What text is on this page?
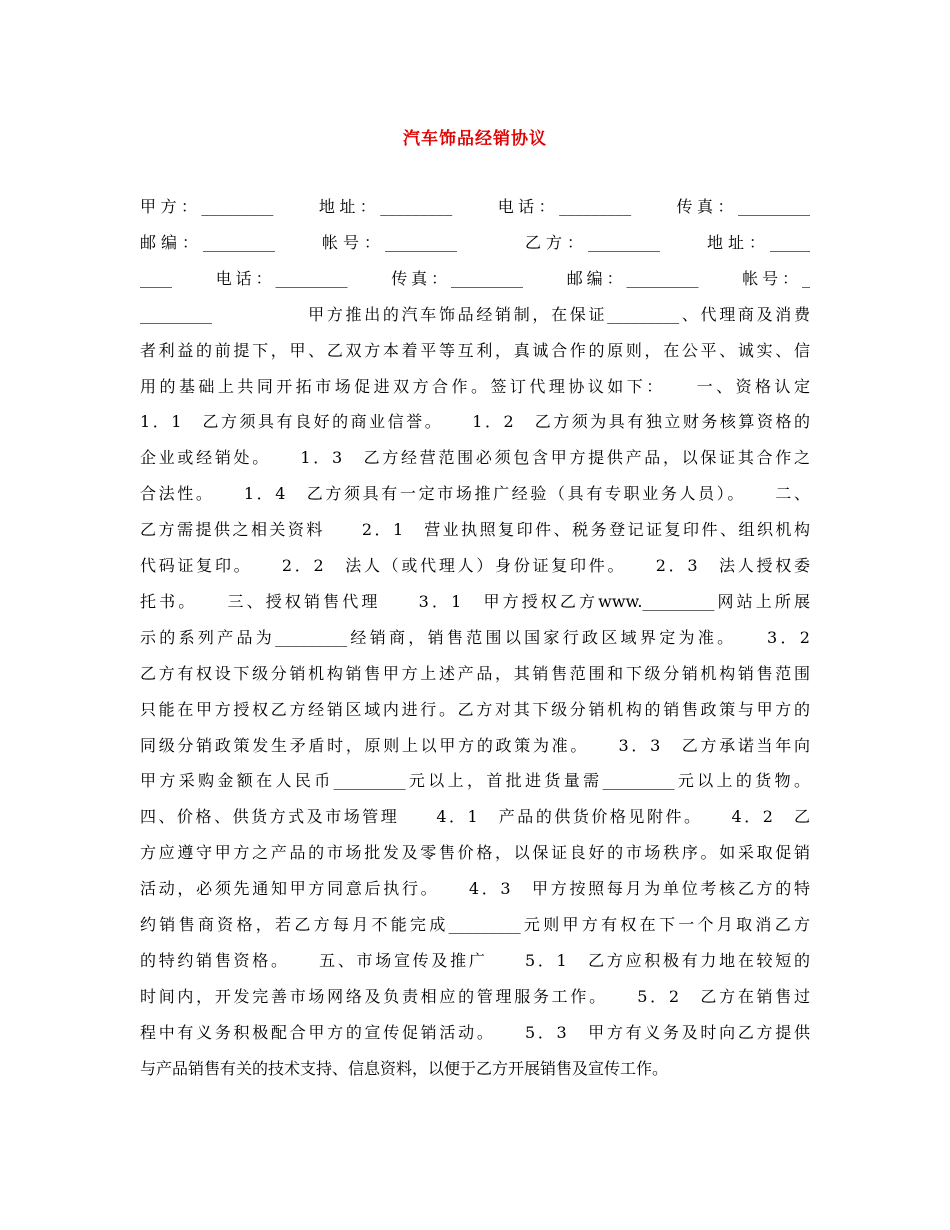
汽车饰品经销协议
甲方：_________　　地址：_________　　电话：_________　　传真：_________
邮编：_________　　帐号：_________　　　乙方：_________　　地址：_____
____　　电话：_________　　传真：_________　　邮编：_________　　帐号：_
_________　　　　　甲方推出的汽车饰品经销制，在保证_________、代理商及消费
者利益的前提下，甲、乙双方本着平等互利，真诚合作的原则，在公平、诚实、信
用的基础上共同开拓市场促进双方合作。签订代理协议如下：　　一、资格认定
1．1　乙方须具有良好的商业信誉。　　1．2　乙方须为具有独立财务核算资格的
企业或经销处。　　1．3　乙方经营范围必须包含甲方提供产品，以保证其合作之
合法性。　　1．4　乙方须具有一定市场推广经验（具有专职业务人员）。　　二、
乙方需提供之相关资料　　2．1　营业执照复印件、税务登记证复印件、组织机构
代码证复印。　　2．2　法人（或代理人）身份证复印件。　　2．3　法人授权委
托书。　　三、授权销售代理　　3．1　甲方授权乙方www._________网站上所展
示的系列产品为_________经销商，销售范围以国家行政区域界定为准。　　3．2
乙方有权设下级分销机构销售甲方上述产品，其销售范围和下级分销机构销售范围
只能在甲方授权乙方经销区域内进行。乙方对其下级分销机构的销售政策与甲方的
同级分销政策发生矛盾时，原则上以甲方的政策为准。　　3．3　乙方承诺当年向
甲方采购金额在人民币_________元以上，首批进货量需_________元以上的货物。
四、价格、供货方式及市场管理　　4．1　产品的供货价格见附件。　　4．2　乙
方应遵守甲方之产品的市场批发及零售价格，以保证良好的市场秩序。如采取促销
活动，必须先通知甲方同意后执行。　　4．3　甲方按照每月为单位考核乙方的特
约销售商资格，若乙方每月不能完成_________元则甲方有权在下一个月取消乙方
的特约销售资格。　　五、市场宣传及推广　　5．1　乙方应积极有力地在较短的
时间内，开发完善市场网络及负责相应的管理服务工作。　　5．2　乙方在销售过
程中有义务积极配合甲方的宣传促销活动。　　5．3　甲方有义务及时向乙方提供
与产品销售有关的技术支持、信息资料，以便于乙方开展销售及宣传工作。
